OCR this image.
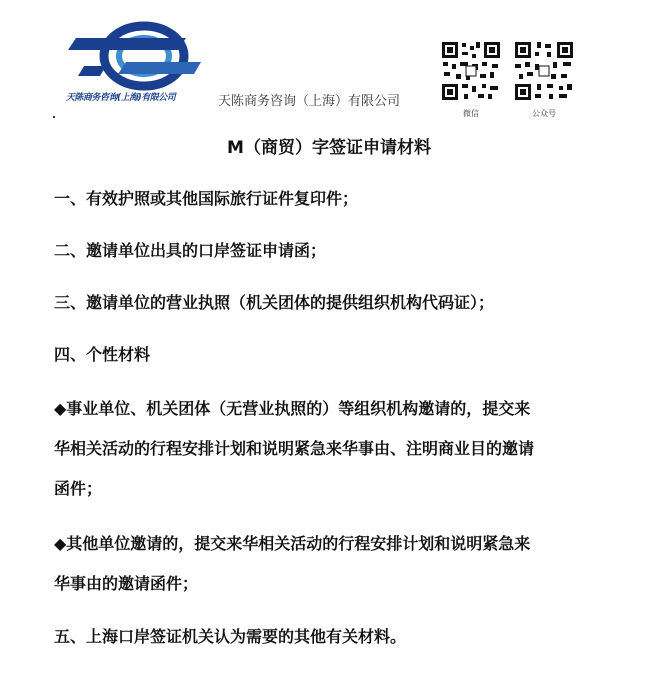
天陈商务咨询(上海)有限公司	天陈商务咨询（上海）有限公司
微信	公众号
M（商贸）字签证申请材料
一、有效护照或其他国际旅行证件复印件；
二、邀请单位出具的口岸签证申请函；
三、邀请单位的营业执照（机关团体的提供组织机构代码证）；
四、个性材料
◆事业单位、机关团体（无营业执照的）等组织机构邀请的，提交来
华相关活动的行程安排计划和说明紧急来华事由、注明商业目的邀请
函件；
◆其他单位邀请的，提交来华相关活动的行程安排计划和说明紧急来
华事由的邀请函件；
五、上海口岸签证机关认为需要的其他有关材料。
